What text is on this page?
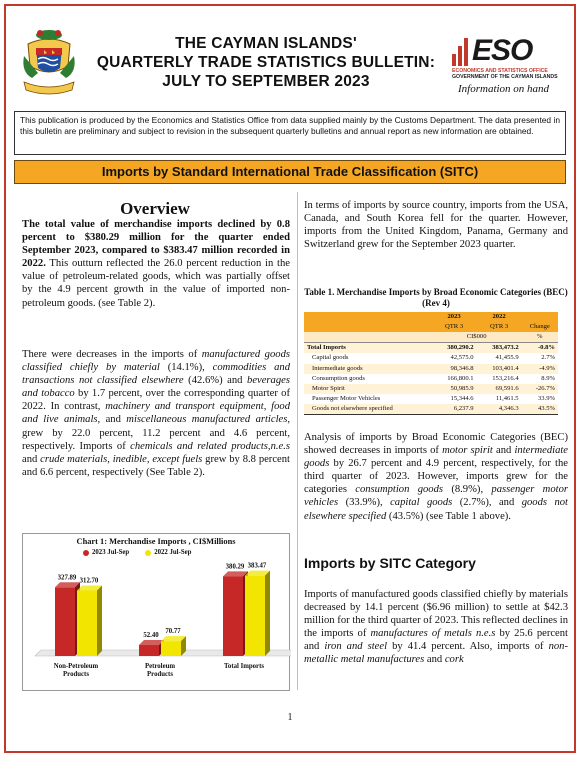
THE CAYMAN ISLANDS'
QUARTERLY TRADE STATISTICS BULLETIN:
JULY TO SEPTEMBER 2023
ESO
ECONOMICS AND STATISTICS OFFICE
GOVERNMENT OF THE CAYMAN ISLANDS
Information on hand
This publication is produced by the Economics and Statistics Office from data supplied mainly by the Customs Department. The data presented in this bulletin are preliminary and subject to revision in the subsequent quarterly bulletins and annual report as new information are obtained.
Imports by Standard International Trade Classification (SITC)
Overview
The total value of merchandise imports declined by 0.8 percent to $380.29 million for the quarter ended September 2023, compared to $383.47 million recorded in 2022. This outturn reflected the 26.0 percent reduction in the value of petroleum-related goods, which was partially offset by the 4.9 percent growth in the value of imported non-petroleum goods. (see Table 2).
There were decreases in the imports of manufactured goods classified chiefly by material (14.1%), commodities and transactions not classified elsewhere (42.6%) and beverages and tobacco by 1.7 percent, over the corresponding quarter of 2022. In contrast, machinery and transport equipment, food and live animals, and miscellaneous manufactured articles, grew by 22.0 percent, 11.2 percent and 4.6 percent, respectively. Imports of chemicals and related products,n.e.s and crude materials, inedible, except fuels grew by 8.8 percent and 6.6 percent, respectively (See Table 2).
Chart 1: Merchandise Imports , CI$Millions
2023 Jul-Sep	2022 Jul-Sep
327.89 312.70
Non-Petroleum Products
52.40
70.77
Petroleum Products
380.29 383.47
Total Imports
In terms of imports by source country, imports from the USA, Canada, and South Korea fell for the quarter. However, imports from the United Kingdom, Panama, Germany and Switzerland grew for the September 2023 quarter.
Table 1. Merchandise Imports by Broad Economic Categories (BEC) (Rev 4)
	2023	2022	
	QTR 3	QTR 3	Change
	CI$000		%
Total Imports	380,290.2	383,473.2	-0.8%
Capital goods	42,575.0	41,455.9	2.7%
Intermediate goods	98,346.8	103,401.4	-4.9%
Consumption goods	166,800.1	153,216.4	8.9%
Motor Spirit	50,985.9	69,591.6	-26.7%
Passenger Motor Vehicles	15,344.6	11,461.5	33.9%
Goods not elsewhere specified	6,237.9	4,346.3	43.5%
Analysis of imports by Broad Economic Categories (BEC) showed decreases in imports of motor spirit and intermediate goods by 26.7 percent and 4.9 percent, respectively, for the third quarter of 2023. However, imports grew for the categories consumption goods (8.9%), passenger motor vehicles (33.9%), capital goods (2.7%), and goods not elsewhere specified (43.5%) (see Table 1 above).
Imports by SITC Category
Imports of manufactured goods classified chiefly by materials decreased by 14.1 percent ($6.96 million) to settle at $42.3 million for the third quarter of 2023. This reflected declines in the imports of manufactures of metals n.e.s by 25.6 percent and iron and steel by 41.4 percent. Also, imports of non-metallic metal manufactures and cork
1
